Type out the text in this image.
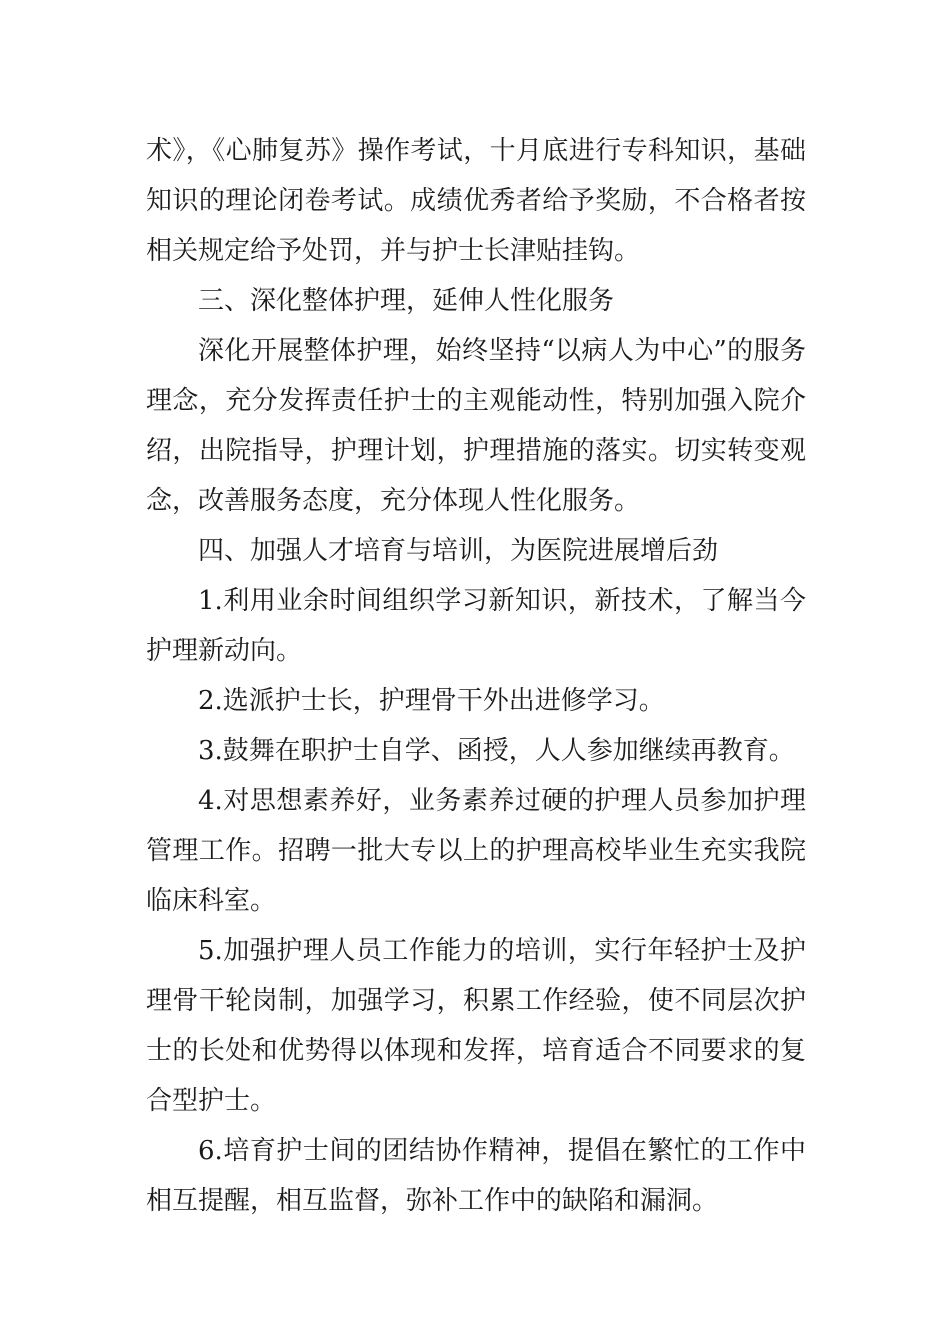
术》，《心肺复苏》操作考试，十月底进行专科知识，基础知识的理论闭卷考试。成绩优秀者给予奖励，不合格者按相关规定给予处罚，并与护士长津贴挂钩。

三、深化整体护理，延伸人性化服务

深化开展整体护理，始终坚持“以病人为中心”的服务理念，充分发挥责任护士的主观能动性，特别加强入院介绍，出院指导，护理计划，护理措施的落实。切实转变观念，改善服务态度，充分体现人性化服务。

四、加强人才培育与培训，为医院进展增后劲

1.利用业余时间组织学习新知识，新技术，了解当今护理新动向。

2.选派护士长，护理骨干外出进修学习。

3.鼓舞在职护士自学、函授，人人参加继续再教育。

4.对思想素养好，业务素养过硬的护理人员参加护理管理工作。招聘一批大专以上的护理高校毕业生充实我院临床科室。

5.加强护理人员工作能力的培训，实行年轻护士及护理骨干轮岗制，加强学习，积累工作经验，使不同层次护士的长处和优势得以体现和发挥，培育适合不同要求的复合型护士。

6.培育护士间的团结协作精神，提倡在繁忙的工作中相互提醒，相互监督，弥补工作中的缺陷和漏洞。
